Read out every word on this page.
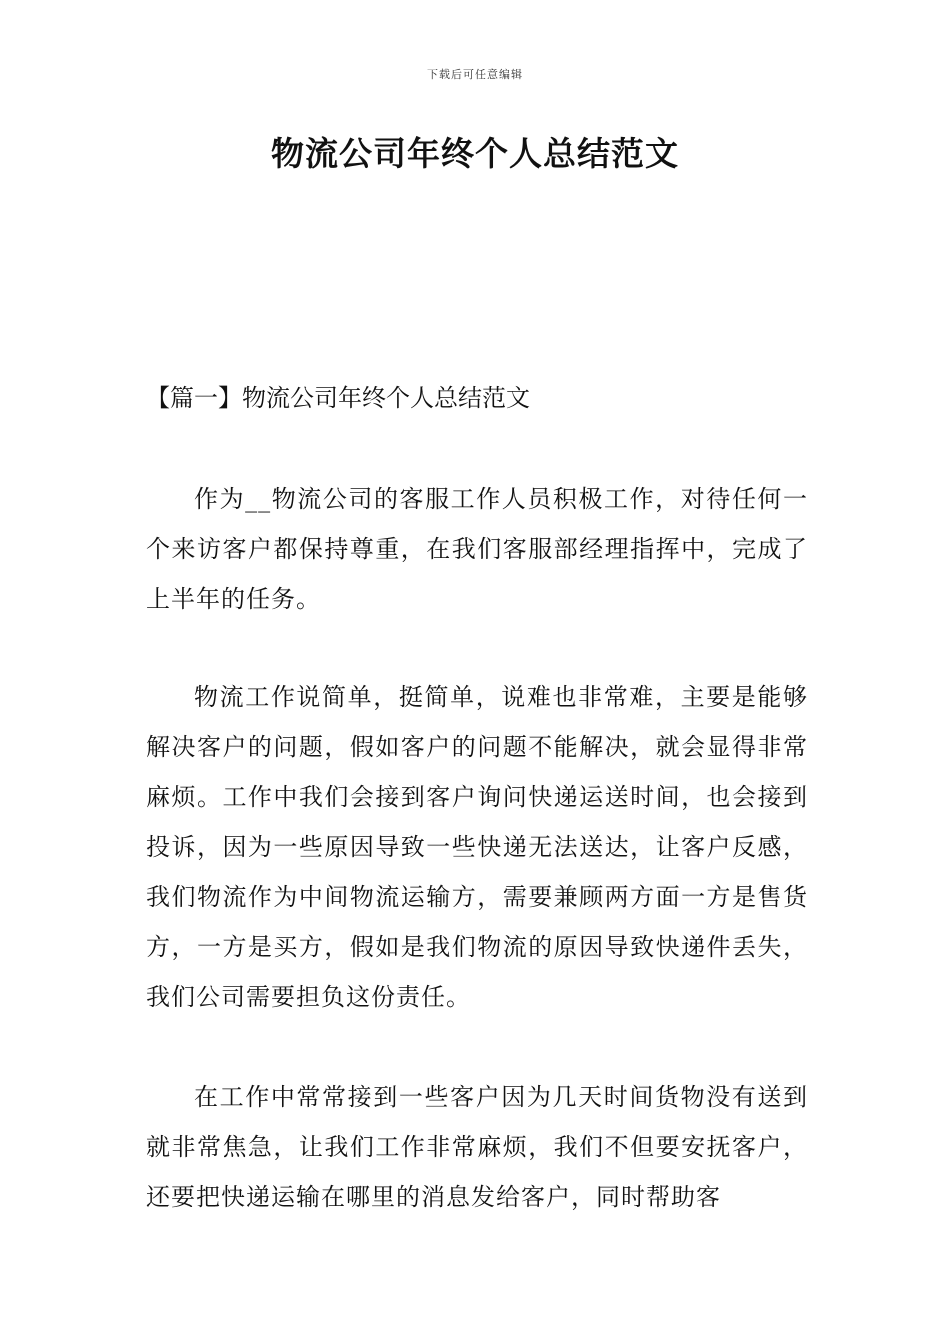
下载后可任意编辑
物流公司年终个人总结范文
【篇一】物流公司年终个人总结范文

作为__物流公司的客服工作人员积极工作，对待任何一个来访客户都保持尊重，在我们客服部经理指挥中，完成了上半年的任务。

物流工作说简单，挺简单，说难也非常难，主要是能够解决客户的问题，假如客户的问题不能解决，就会显得非常麻烦。工作中我们会接到客户询问快递运送时间，也会接到投诉，因为一些原因导致一些快递无法送达，让客户反感，我们物流作为中间物流运输方，需要兼顾两方面一方是售货方，一方是买方，假如是我们物流的原因导致快递件丢失，我们公司需要担负这份责任。

在工作中常常接到一些客户因为几天时间货物没有送到就非常焦急，让我们工作非常麻烦，我们不但要安抚客户，还要把快递运输在哪里的消息发给客户，同时帮助客
